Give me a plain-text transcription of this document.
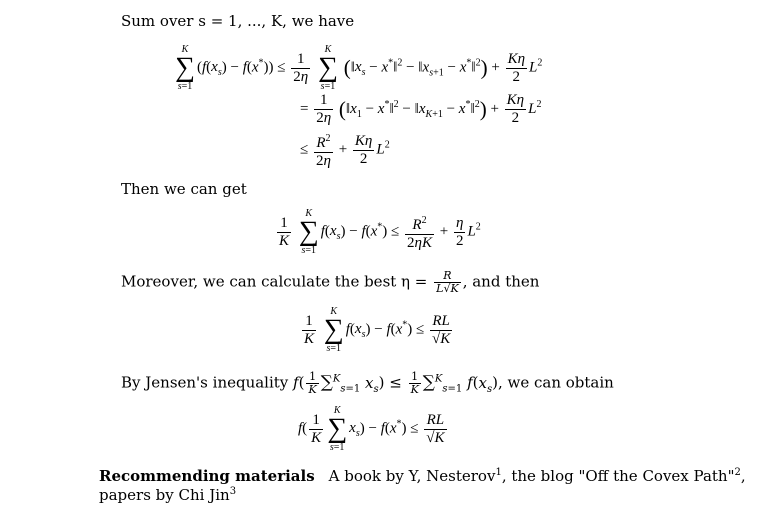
Sum over s = 1, ..., K, we have
K
∑
s=1
$(f(x_s) - f(x^*)) \le \frac{1}{2\eta}$

K
∑
s=1
($‖x_s$ − x*‖$^2$ − $‖x_{s+1}$ − x*‖$^2$) + $\frac{K\eta}{2} L^2$
= $\frac{1}{2\eta}$ ($‖x_1$ − x*‖$^2$ − $‖x_{K+1}$ − x*‖$^2$) + $\frac{K\eta}{2} L^2$
≤ $\frac{R^2}{2\eta} + \frac{K\eta}{2} L^2$
Then we can get
$\frac{1}{K}$

K
∑
s=1
$f(x_s) - f(x^*) \le \frac{R^2}{2\eta K} + \frac{\eta}{2} L^2$
Moreover, we can calculate the best $\eta = \frac{R}{L√K}$ , and then
$\frac{1}{K}$

K
∑
s=1
$f(x_s) - f(x^*) \le \frac{RL}{√K}$
By Jensen's inequality $f( \frac{1}{K} \sum^K_{s=1}$ $x_s) \le \frac{1}{K} \sum^K_{s=1}$ $f(x_s)$, we can obtain
$f( \frac{1}{K}$
K
∑
s=1
$x_s) - f(x^*) \le \frac{RL}{√K}$
Recommending materials A book by Y, Nesterov$^1$, the blog "Off the Covex Path"$^2$,
papers by Chi Jin$^3$
